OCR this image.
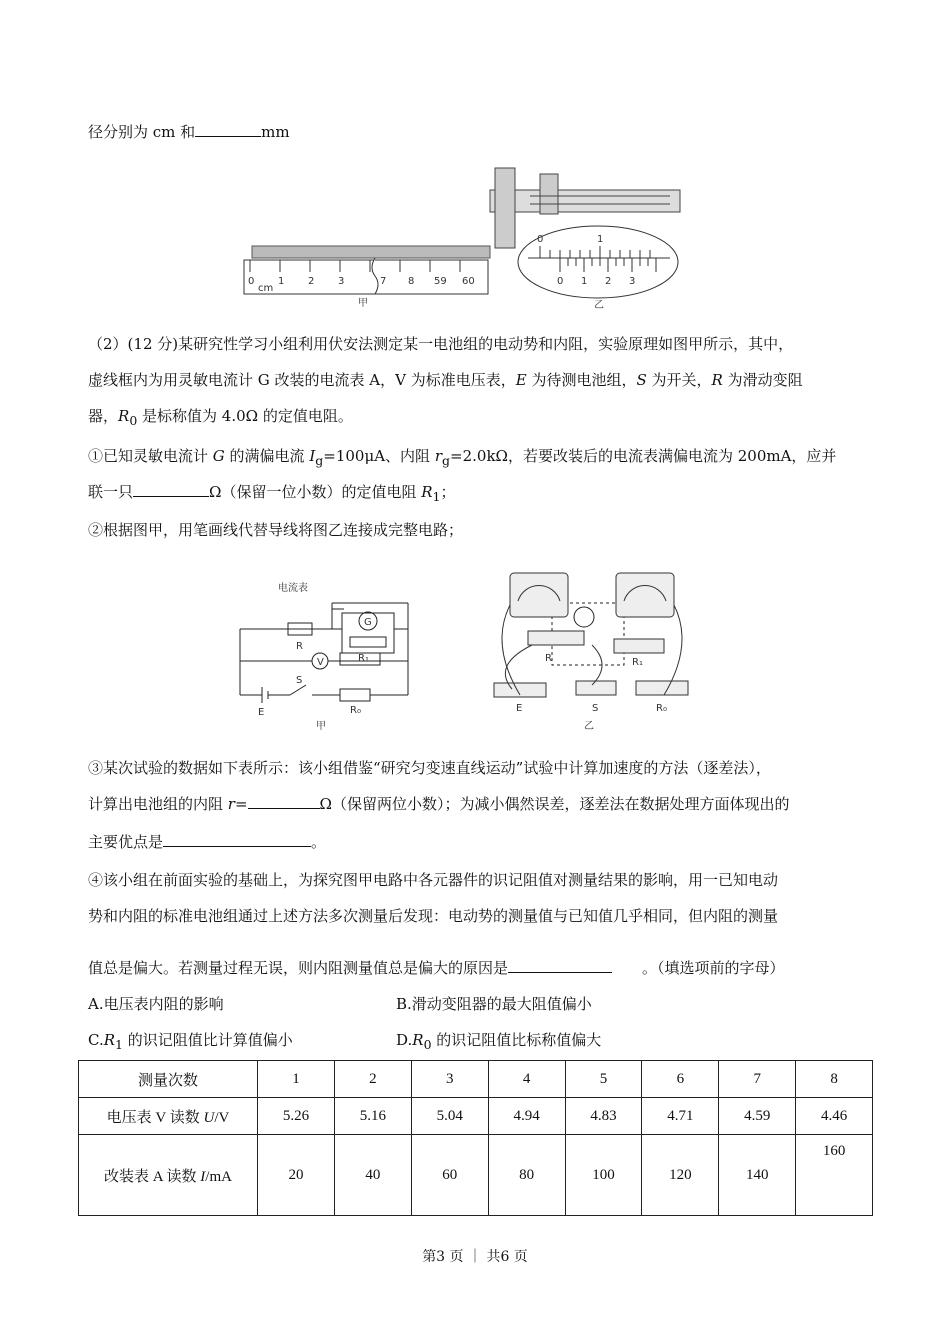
径分别为 cm 和	mm
0
cm
1 2 3	7 8 59 60
甲
0	1
0 1 2 3
乙
（2）(12 分)某研究性学习小组利用伏安法测定某一电池组的电动势和内阻，实验原理如图甲所示，其中，
虚线框内为用灵敏电流计 G 改装的电流表 A，V 为标准电压表，E 为待测电池组，S 为开关，R 为滑动变阻
器，$R_0$ 是标称值为 4.0Ω 的定值电阻。
①已知灵敏电流计 G 的满偏电流 $I_g=100\mu A$、内阻 $r_g=2.0k\Omega$，若要改装后的电流表满偏电流为 200mA，应并
联一只	Ω（保留一位小数）的定值电阻 $R_1$；
②根据图甲，用笔画线代替导线将图乙连接成完整电路；
电流表
G
R
R₁
V
E
S
R₀
甲
R	R₁
E	S	R₀
乙
③某次试验的数据如下表所示：该小组借鉴“研究匀变速直线运动”试验中计算加速度的方法（逐差法），
计算出电池组的内阻 r=	Ω（保留两位小数）；为减小偶然误差，逐差法在数据处理方面体现出的
主要优点是	。
④该小组在前面实验的基础上，为探究图甲电路中各元器件的识记阻值对测量结果的影响，用一已知电动
势和内阻的标准电池组通过上述方法多次测量后发现：电动势的测量值与已知值几乎相同，但内阻的测量
值总是偏大。若测量过程无误，则内阻测量值总是偏大的原因是	。（填选项前的字母）
A.电压表内阻的影响	B.滑动变阻器的最大阻值偏小
$C.R_1$ 的识记阻值比计算值偏小	$D.R_0$ 的识记阻值比标称值偏大
测量次数	1	2	3	4	5	6	7	8
电压表 V 读数 U/V	5.26	5.16	5.04	4.94	4.83	4.71	4.59	4.46
改装表 A 读数 I/mA	20	40	60	80	100	120	140	160
第3 页 ｜ 共6 页
